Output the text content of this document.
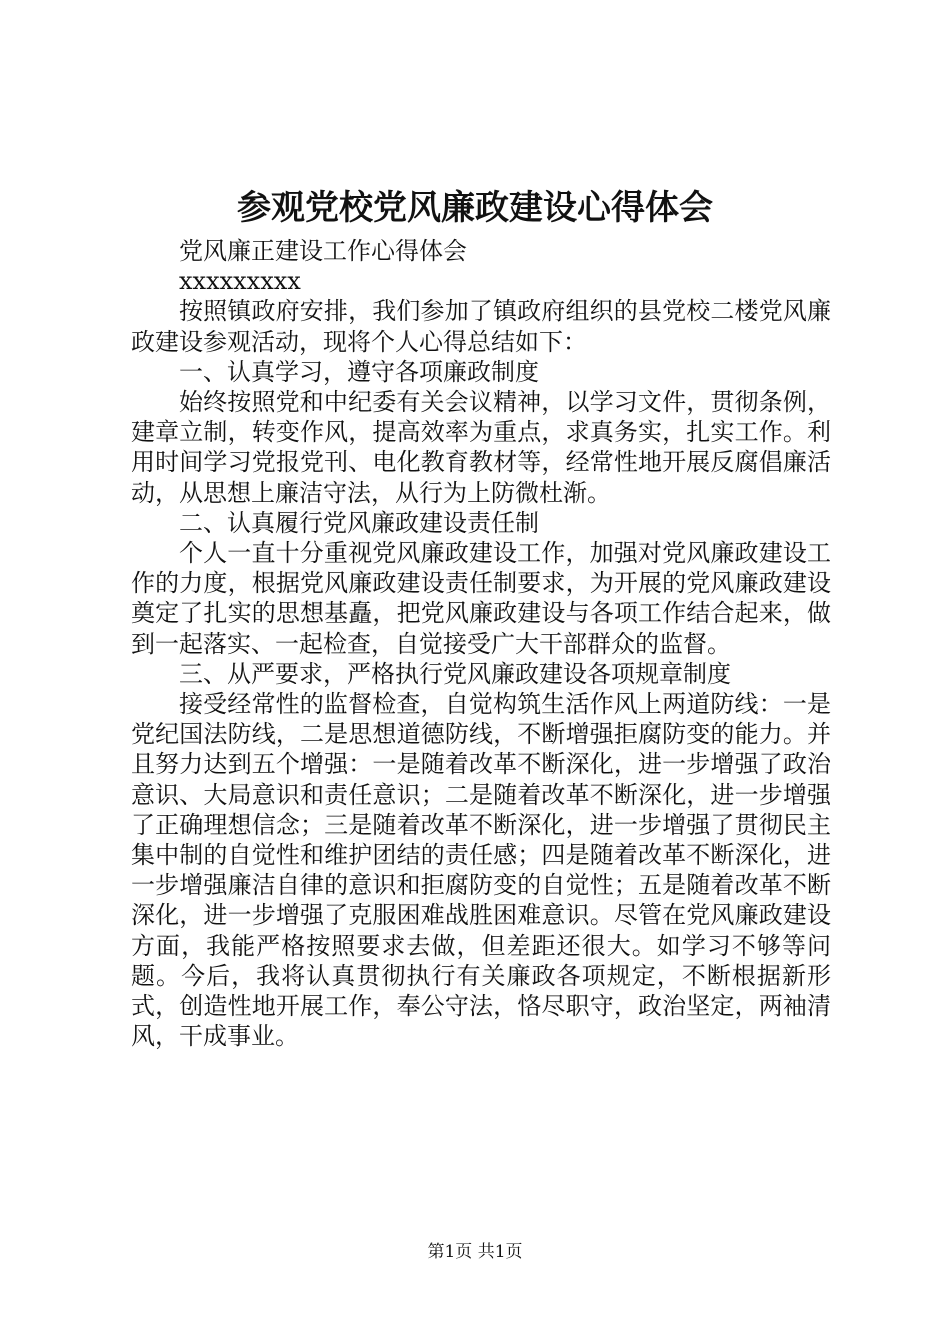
参观党校党风廉政建设心得体会

党风廉正建设工作心得体会

xxxxxxxxx

按照镇政府安排，我们参加了镇政府组织的县党校二楼党风廉政建设参观活动，现将个人心得总结如下：

一、认真学习，遵守各项廉政制度

始终按照党和中纪委有关会议精神，以学习文件，贯彻条例，建章立制，转变作风，提高效率为重点，求真务实，扎实工作。利用时间学习党报党刊、电化教育教材等，经常性地开展反腐倡廉活动，从思想上廉洁守法，从行为上防微杜渐。

二、认真履行党风廉政建设责任制

个人一直十分重视党风廉政建设工作，加强对党风廉政建设工作的力度，根据党风廉政建设责任制要求，为开展的党风廉政建设奠定了扎实的思想基矗，把党风廉政建设与各项工作结合起来，做到一起落实、一起检查，自觉接受广大干部群众的监督。

三、从严要求，严格执行党风廉政建设各项规章制度

接受经常性的监督检查，自觉构筑生活作风上两道防线：一是党纪国法防线，二是思想道德防线，不断增强拒腐防变的能力。并且努力达到五个增强：一是随着改革不断深化，进一步增强了政治意识、大局意识和责任意识；二是随着改革不断深化，进一步增强了正确理想信念；三是随着改革不断深化，进一步增强了贯彻民主集中制的自觉性和维护团结的责任感；四是随着改革不断深化，进一步增强廉洁自律的意识和拒腐防变的自觉性；五是随着改革不断深化，进一步增强了克服困难战胜困难意识。尽管在党风廉政建设方面，我能严格按照要求去做，但差距还很大。如学习不够等问题。今后，我将认真贯彻执行有关廉政各项规定，不断根据新形式，创造性地开展工作，奉公守法，恪尽职守，政治坚定，两袖清风，干成事业。

第1页 共1页
